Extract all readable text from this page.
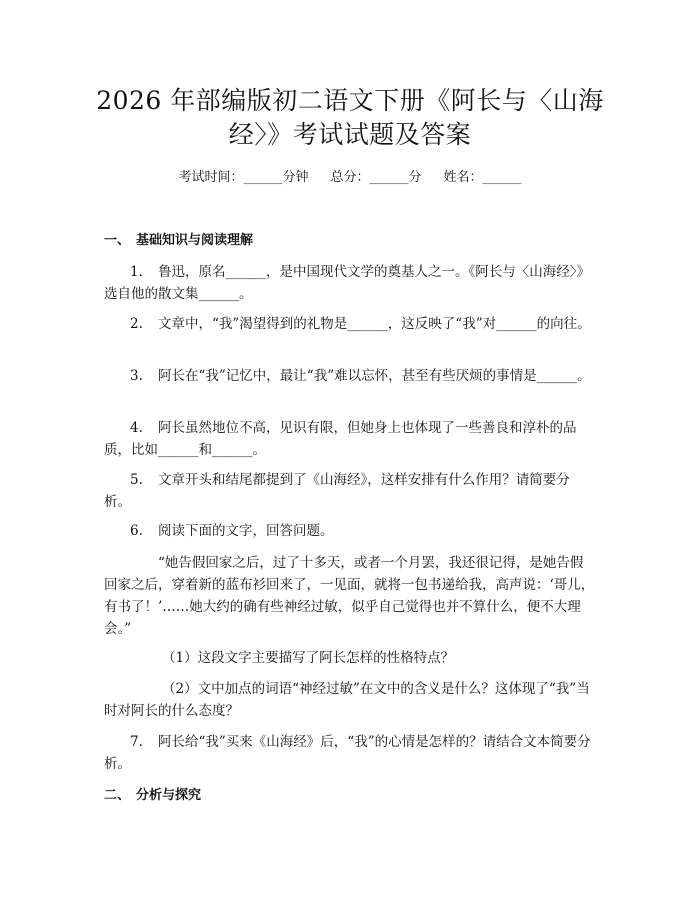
2026 年部编版初二语文下册《阿长与〈山海经〉》考试试题及答案
考试时间：______分钟 总分：______分 姓名：______
一、 基础知识与阅读理解
1. 鲁迅，原名______，是中国现代文学的奠基人之一。《阿长与〈山海经〉》选自他的散文集______。
2. 文章中，“我”渴望得到的礼物是______，这反映了“我”对______的向往。
3. 阿长在“我”记忆中，最让“我”难以忘怀，甚至有些厌烦的事情是______。
4. 阿长虽然地位不高，见识有限，但她身上也体现了一些善良和淳朴的品质，比如______和______。
5. 文章开头和结尾都提到了《山海经》，这样安排有什么作用？请简要分析。
6. 阅读下面的文字，回答问题。
“她告假回家之后，过了十多天，或者一个月罢，我还很记得，是她告假回家之后，穿着新的蓝布衫回来了，一见面，就将一包书递给我，高声说：‘哥儿，有书了！’……她大约的确有些神经过敏，似乎自己觉得也并不算什么，便不大理会。”
（1）这段文字主要描写了阿长怎样的性格特点？
（2）文中加点的词语“神经过敏”在文中的含义是什么？这体现了“我”当时对阿长的什么态度？
7. 阿长给“我”买来《山海经》后，“我”的心情是怎样的？请结合文本简要分析。
二、 分析与探究
